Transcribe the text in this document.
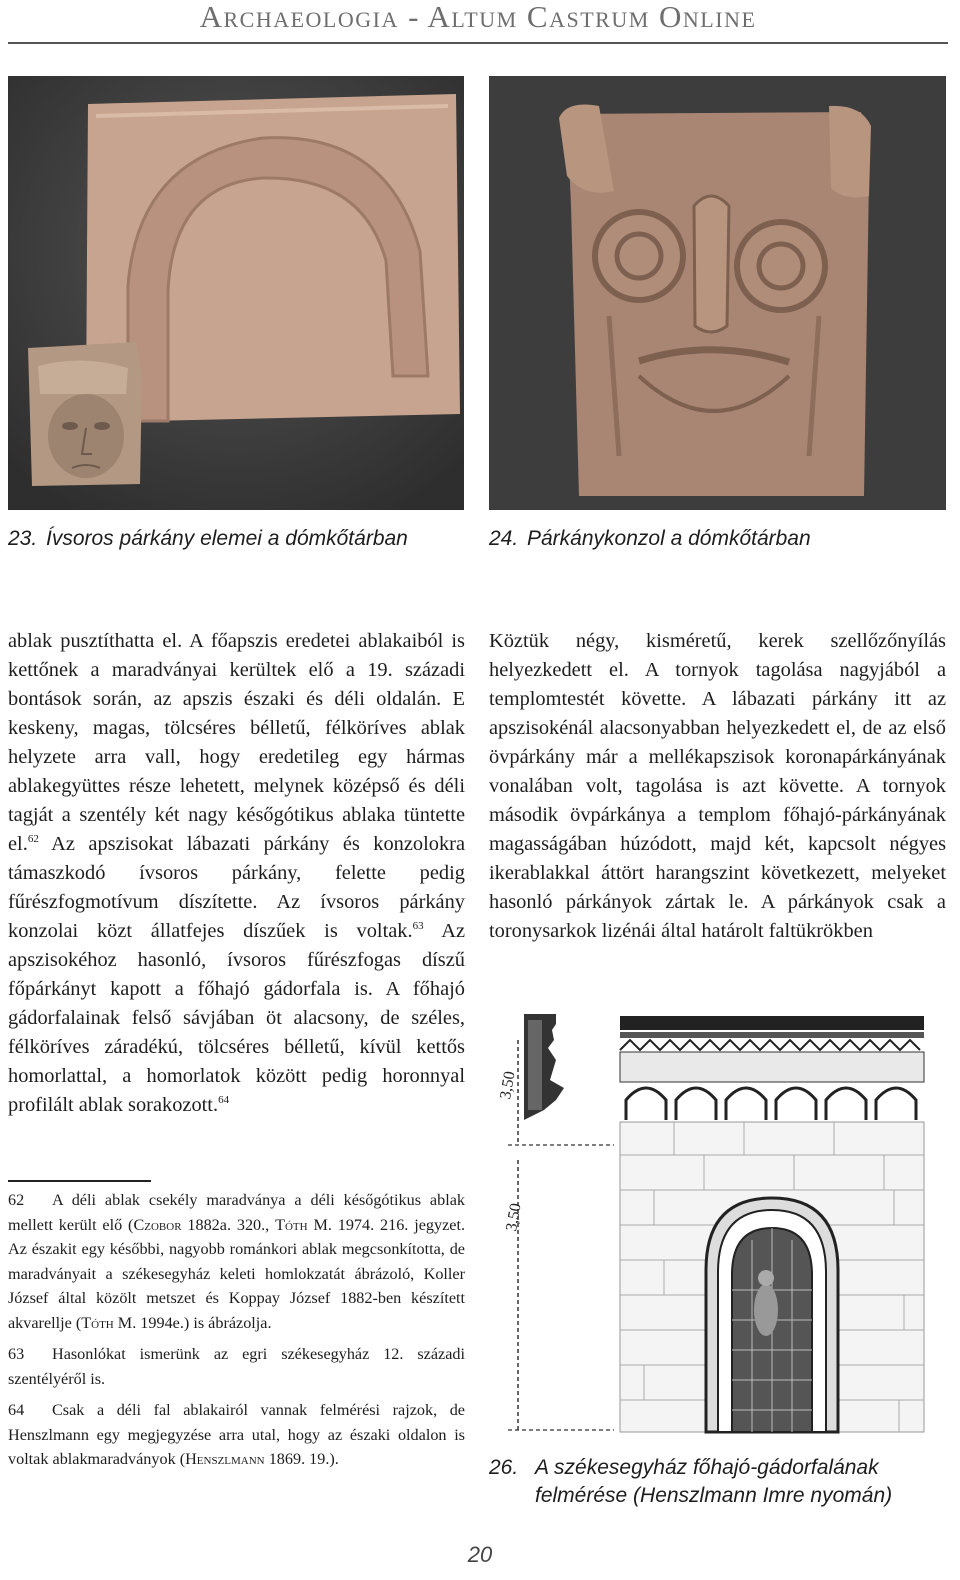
Archaeologia - Altum Castrum Online
23. Ívsoros párkány elemei a dómkőtárban	24. Párkánykonzol a dómkőtárban

ablak pusztíthatta el. A főapszis eredetei ablakaiból is kettőnek a maradványai kerültek elő a 19. századi bontások során, az apszis északi és déli oldalán. E keskeny, magas, tölcséres bélletű, félköríves ablak helyzete arra vall, hogy eredetileg egy hármas ablakegyüttes része lehetett, melynek középső és déli tagját a szentély két nagy későgótikus ablaka tüntette el.$^{62}$ Az apszisokat lábazati párkány és konzolokra támaszkodó ívsoros párkány, felette pedig fűrészfogmotívum díszítette. Az ívsoros párkány konzolai közt állatfejes díszűek is voltak.$^{63}$ Az apszisokéhoz hasonló, ívsoros fűrészfogas díszű főpárkányt kapott a főhajó gádorfala is. A főhajó gádorfalainak felső sávjában öt alacsony, de széles, félköríves záradékú, tölcséres bélletű, kívül kettős homorlattal, a homorlatok között pedig horonnyal profilált ablak sorakozott.$^{64}$

Köztük négy, kisméretű, kerek szellőzőnyílás helyezkedett el. A tornyok tagolása nagyjából a templomtestét követte. A lábazati párkány itt az apszisokénál alacsonyabban helyezkedett el, de az első övpárkány már a mellékapszisok koronapárkányának vonalában volt, tagolása is azt követte. A tornyok második övpárkánya a templom főhajó-párkányának magasságában húzódott, majd két, kapcsolt négyes ikerablakkal áttört harangszint következett, melyeket hasonló párkányok zártak le. A párkányok csak a toronysarkok lizénái által határolt faltükrökben

62 A déli ablak csekély maradványa a déli későgótikus ablak mellett került elő (Czobor 1882a. 320., Tóth M. 1974. 216. jegyzet. Az északit egy későbbi, nagyobb románkori ablak megcsonkította, de maradványait a székesegyház keleti homlokzatát ábrázoló, Koller József által közölt metszet és Koppay József 1882-ben készített akvarellje (Tóth M. 1994e.) is ábrázolja.

63 Hasonlókat ismerünk az egri székesegyház 12. századi szentélyéről is.

64 Csak a déli fal ablakairól vannak felmérési rajzok, de Henszlmann egy megjegyzése arra utal, hogy az északi oldalon is voltak ablakmaradványok (Henszlmann 1869. 19.).

3,50
3,50
26. A székesegyház főhajó-gádorfalának felmérése (Henszlmann Imre nyomán)
20
